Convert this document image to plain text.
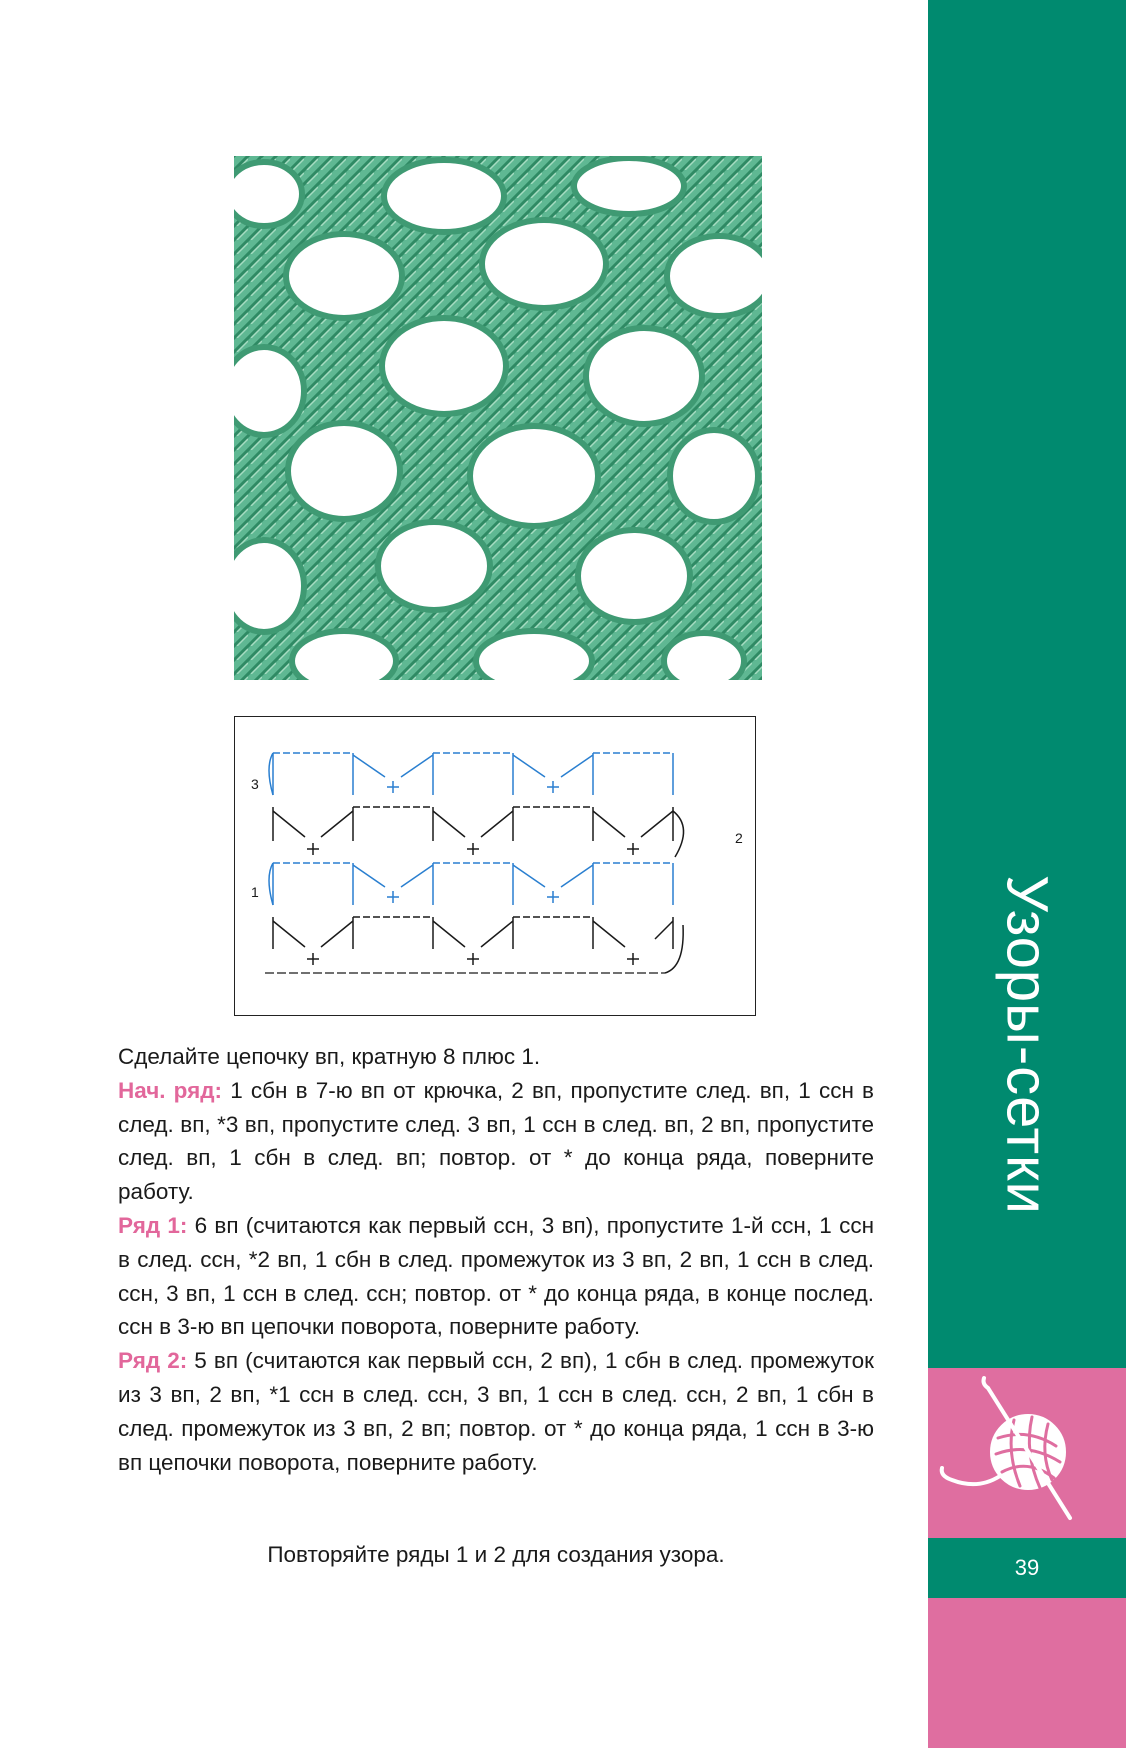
Узоры-сетки
39
3
2
1

Сделайте цепочку вп, кратную 8 плюс 1.

Нач. ряд: 1 сбн в 7-ю вп от крючка, 2 вп, пропустите след. вп, 1 ссн в след. вп, *3 вп, пропустите след. 3 вп, 1 ссн в след. вп, 2 вп, пропустите след. вп, 1 сбн в след. вп; повтор. от * до конца ряда, поверните работу.

Ряд 1: 6 вп (считаются как первый ссн, 3 вп), пропустите 1-й ссн, 1 ссн в след. ссн, *2 вп, 1 сбн в след. промежуток из 3 вп, 2 вп, 1 ссн в след. ссн, 3 вп, 1 ссн в след. ссн; повтор. от * до конца ряда, в конце послед. ссн в 3-ю вп цепочки поворота, поверните работу.

Ряд 2: 5 вп (считаются как первый ссн, 2 вп), 1 сбн в след. промежуток из 3 вп, 2 вп, *1 ссн в след. ссн, 3 вп, 1 ссн в след. ссн, 2 вп, 1 сбн в след. промежуток из 3 вп, 2 вп; повтор. от * до конца ряда, 1 ссн в 3-ю вп цепочки поворота, поверните работу.

Повторяйте ряды 1 и 2 для создания узора.
